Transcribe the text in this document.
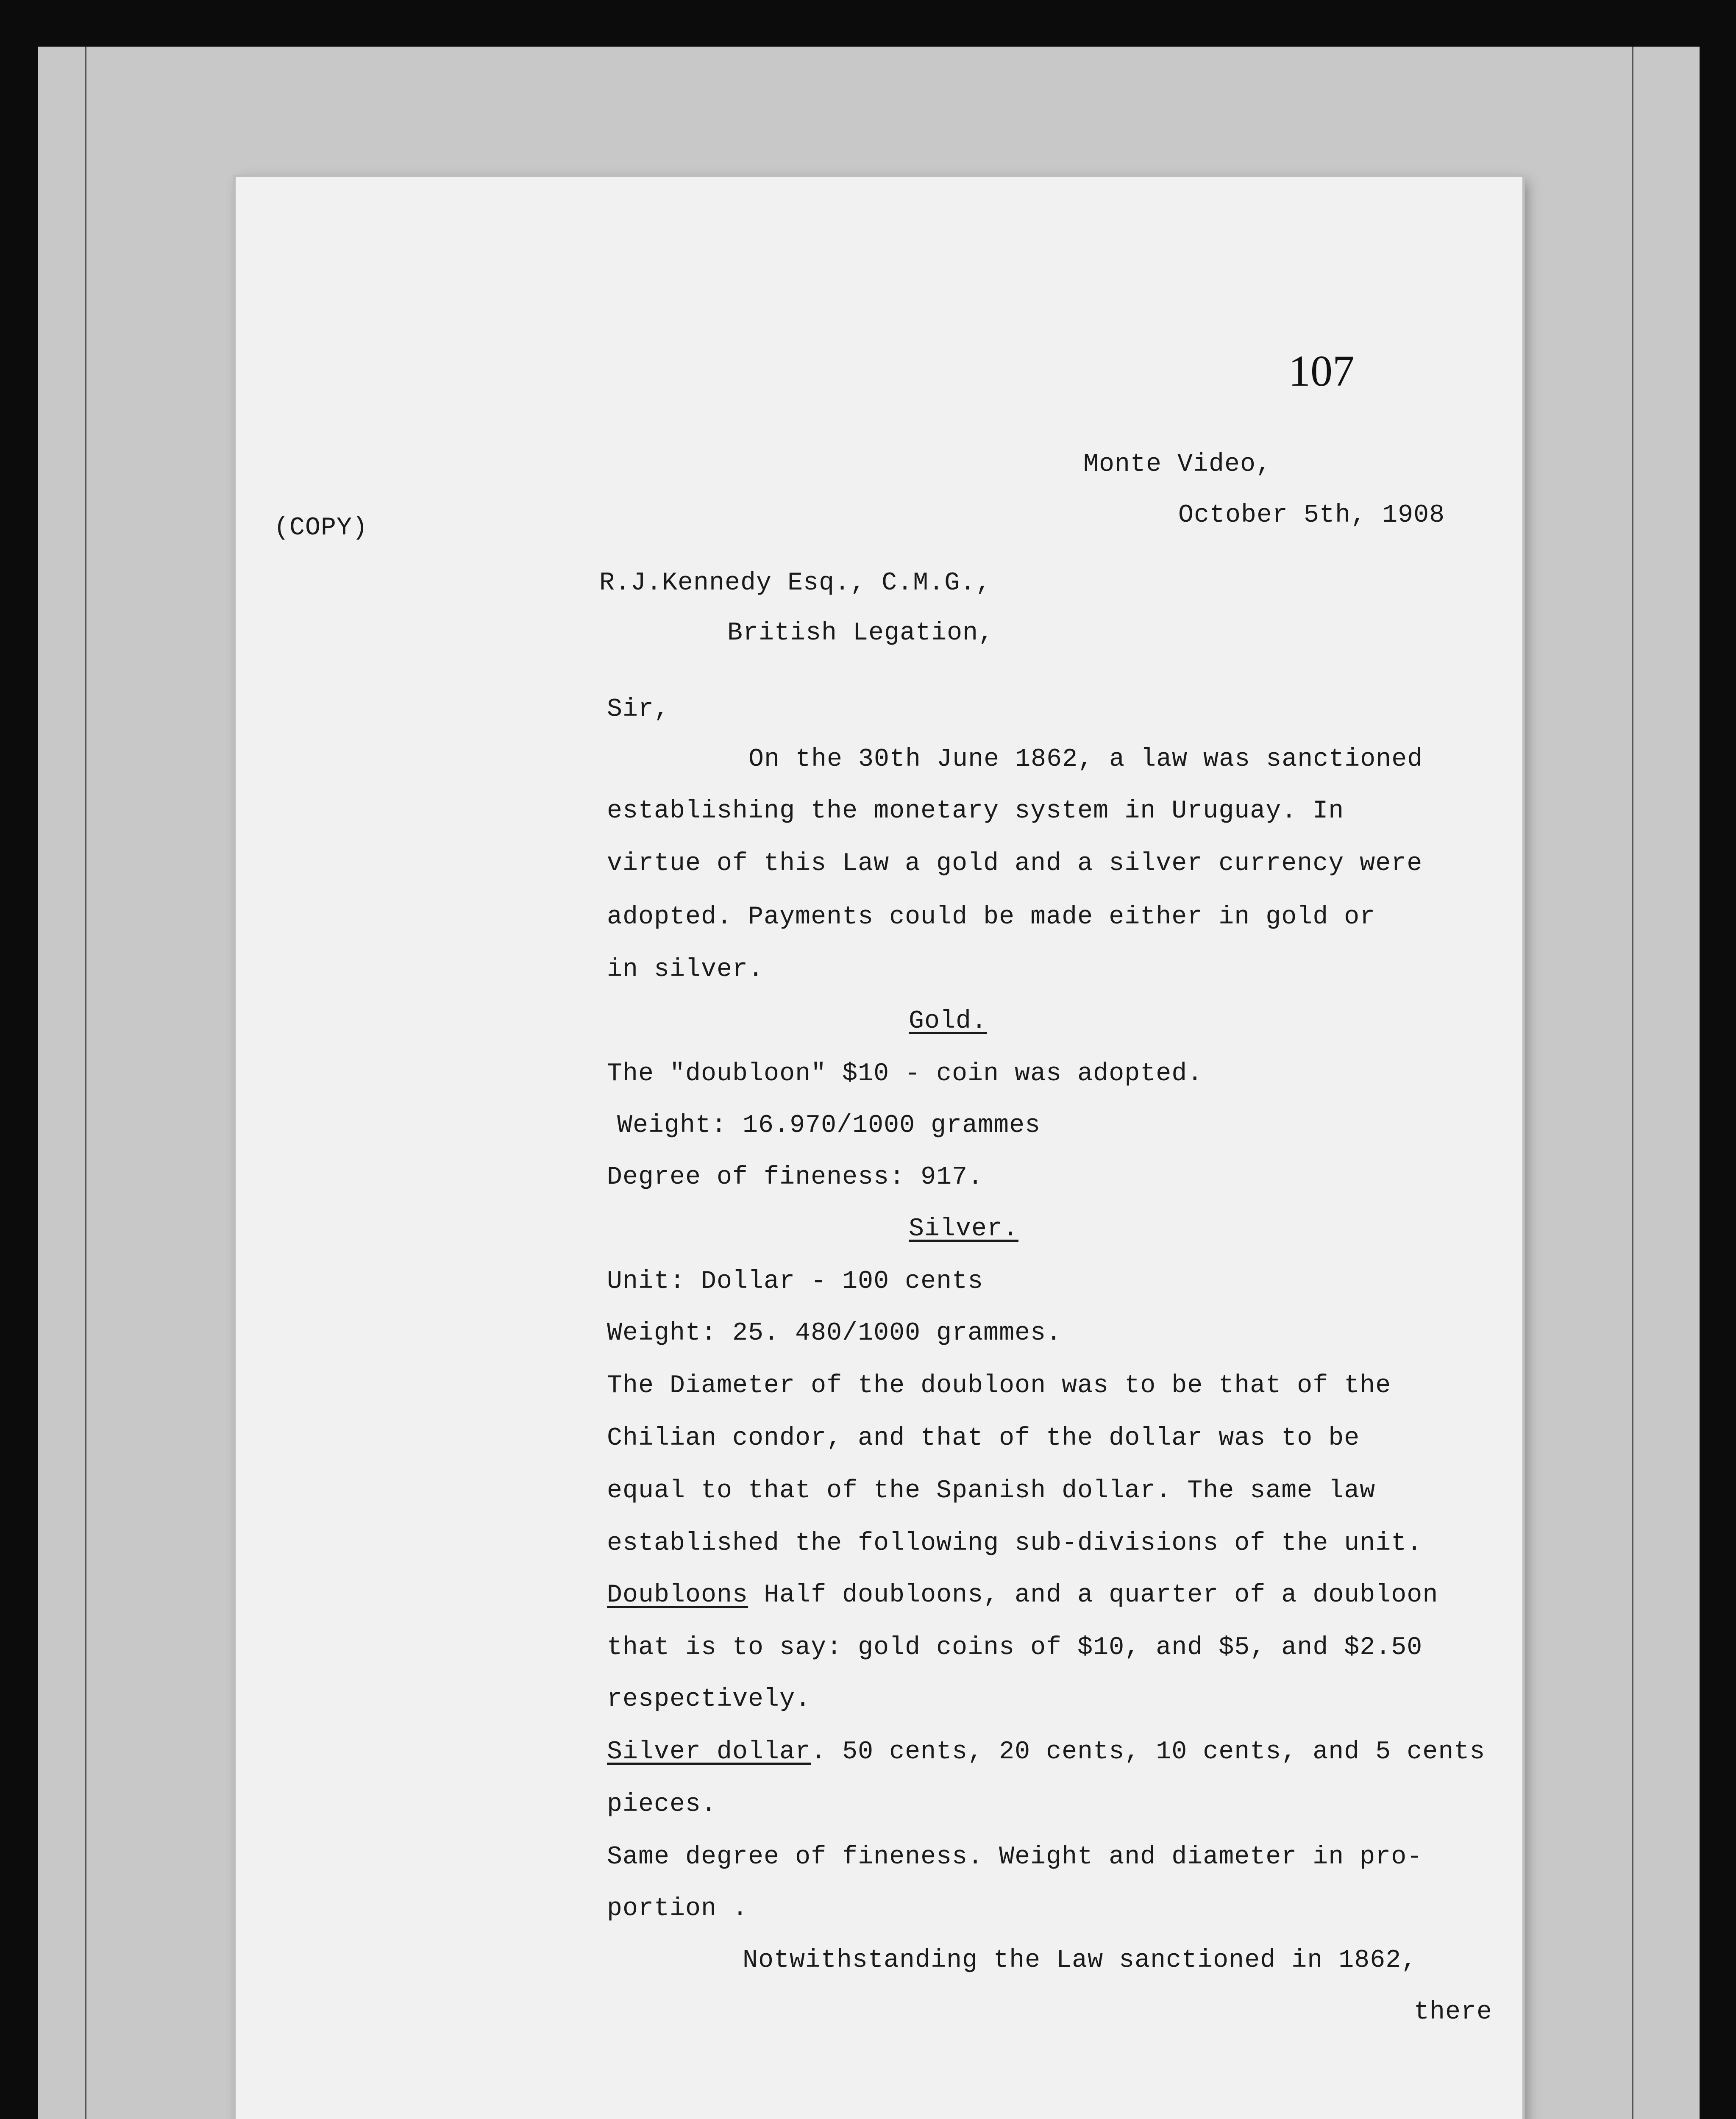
107
Monte Video,
(COPY)	October 5th, 1908
R.J.Kennedy Esq., C.M.G.,
British Legation,
Sir,
On the 30th June 1862, a law was sanctioned
establishing the monetary system in Uruguay. In
virtue of this Law a gold and a silver currency were
adopted. Payments could be made either in gold or
in silver.
Gold.
The "doubloon" $10 - coin was adopted.
Weight: 16.970/1000 grammes
Degree of fineness: 917.
Silver.
Unit: Dollar - 100 cents
Weight: 25. 480/1000 grammes.
The Diameter of the doubloon was to be that of the
Chilian condor, and that of the dollar was to be
equal to that of the Spanish dollar. The same law
established the following sub-divisions of the unit.
Doubloons Half doubloons, and a quarter of a doubloon
that is to say: gold coins of $10, and $5, and $2.50
respectively.
Silver dollar. 50 cents, 20 cents, 10 cents, and 5 cents
pieces.
Same degree of fineness. Weight and diameter in pro-
portion .
Notwithstanding the Law sanctioned in 1862,
there
